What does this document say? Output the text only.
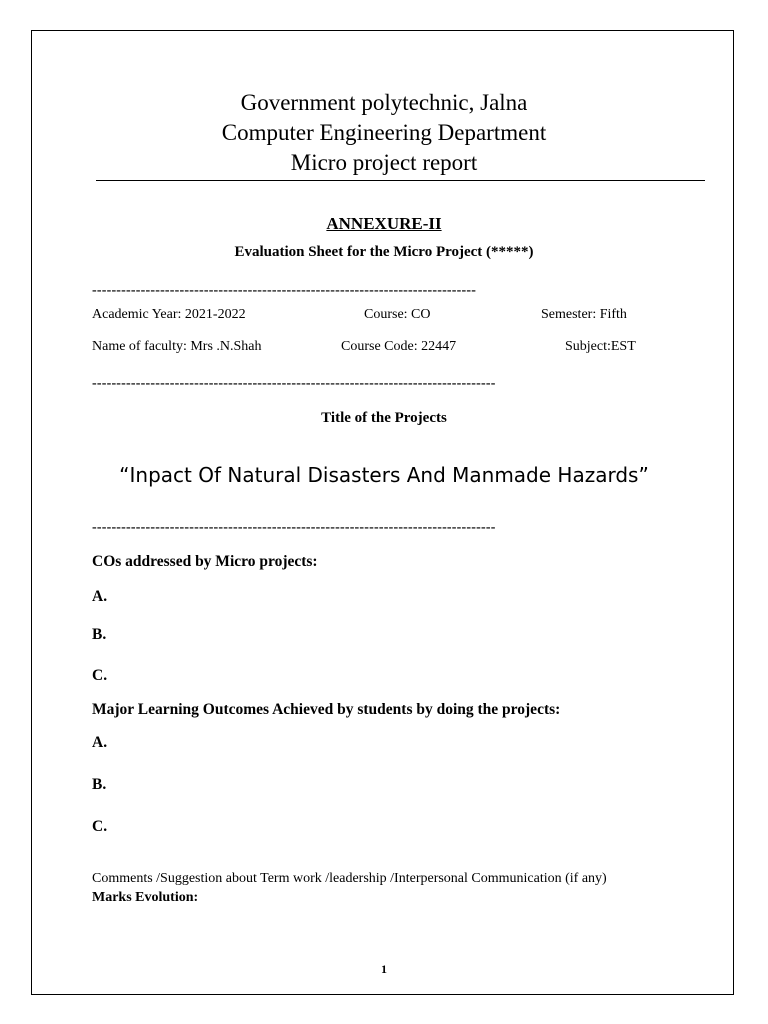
Government polytechnic, Jalna
Computer Engineering Department
Micro project report
ANNEXURE-II
Evaluation Sheet for the Micro Project (*****)
-------------------------------------------------------------------------------
Academic Year: 2021-2022	Course: CO	Semester: Fifth
Name of faculty: Mrs .N.Shah	Course Code: 22447	Subject:EST
-----------------------------------------------------------------------------------
Title of the Projects
“Inpact Of Natural Disasters And Manmade Hazards”
-----------------------------------------------------------------------------------
COs addressed by Micro projects:
A.
B.
C.
Major Learning Outcomes Achieved by students by doing the projects:
A.
B.
C.
Comments /Suggestion about Term work /leadership /Interpersonal Communication (if any)
Marks Evolution:
1
